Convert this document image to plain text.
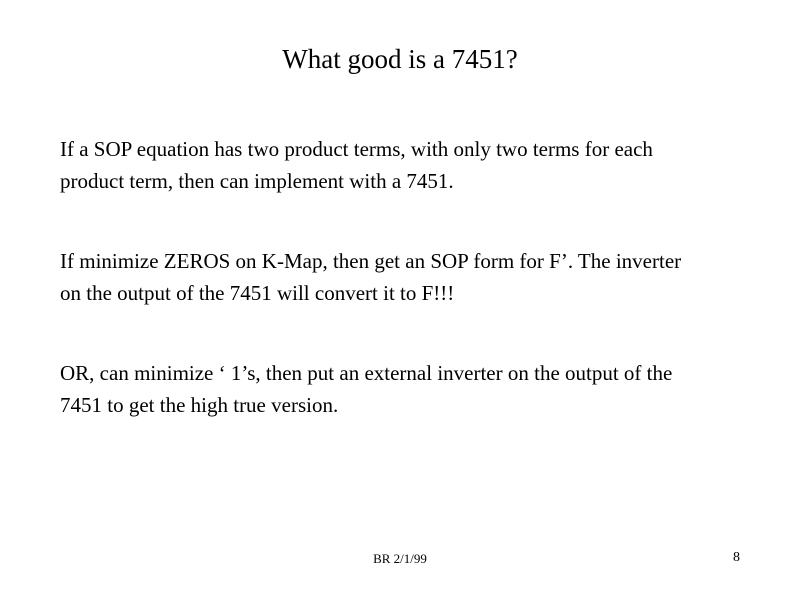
What good is a 7451?
If a SOP equation has two product terms, with only two terms for each product term, then can implement with a 7451.
If minimize ZEROS on K-Map, then get an SOP form for F’. The inverter on the output of the 7451 will convert it to F!!!
OR, can minimize ‘ 1’s, then put an external inverter on the output of the 7451 to get the high true version.
BR 2/1/99	8
